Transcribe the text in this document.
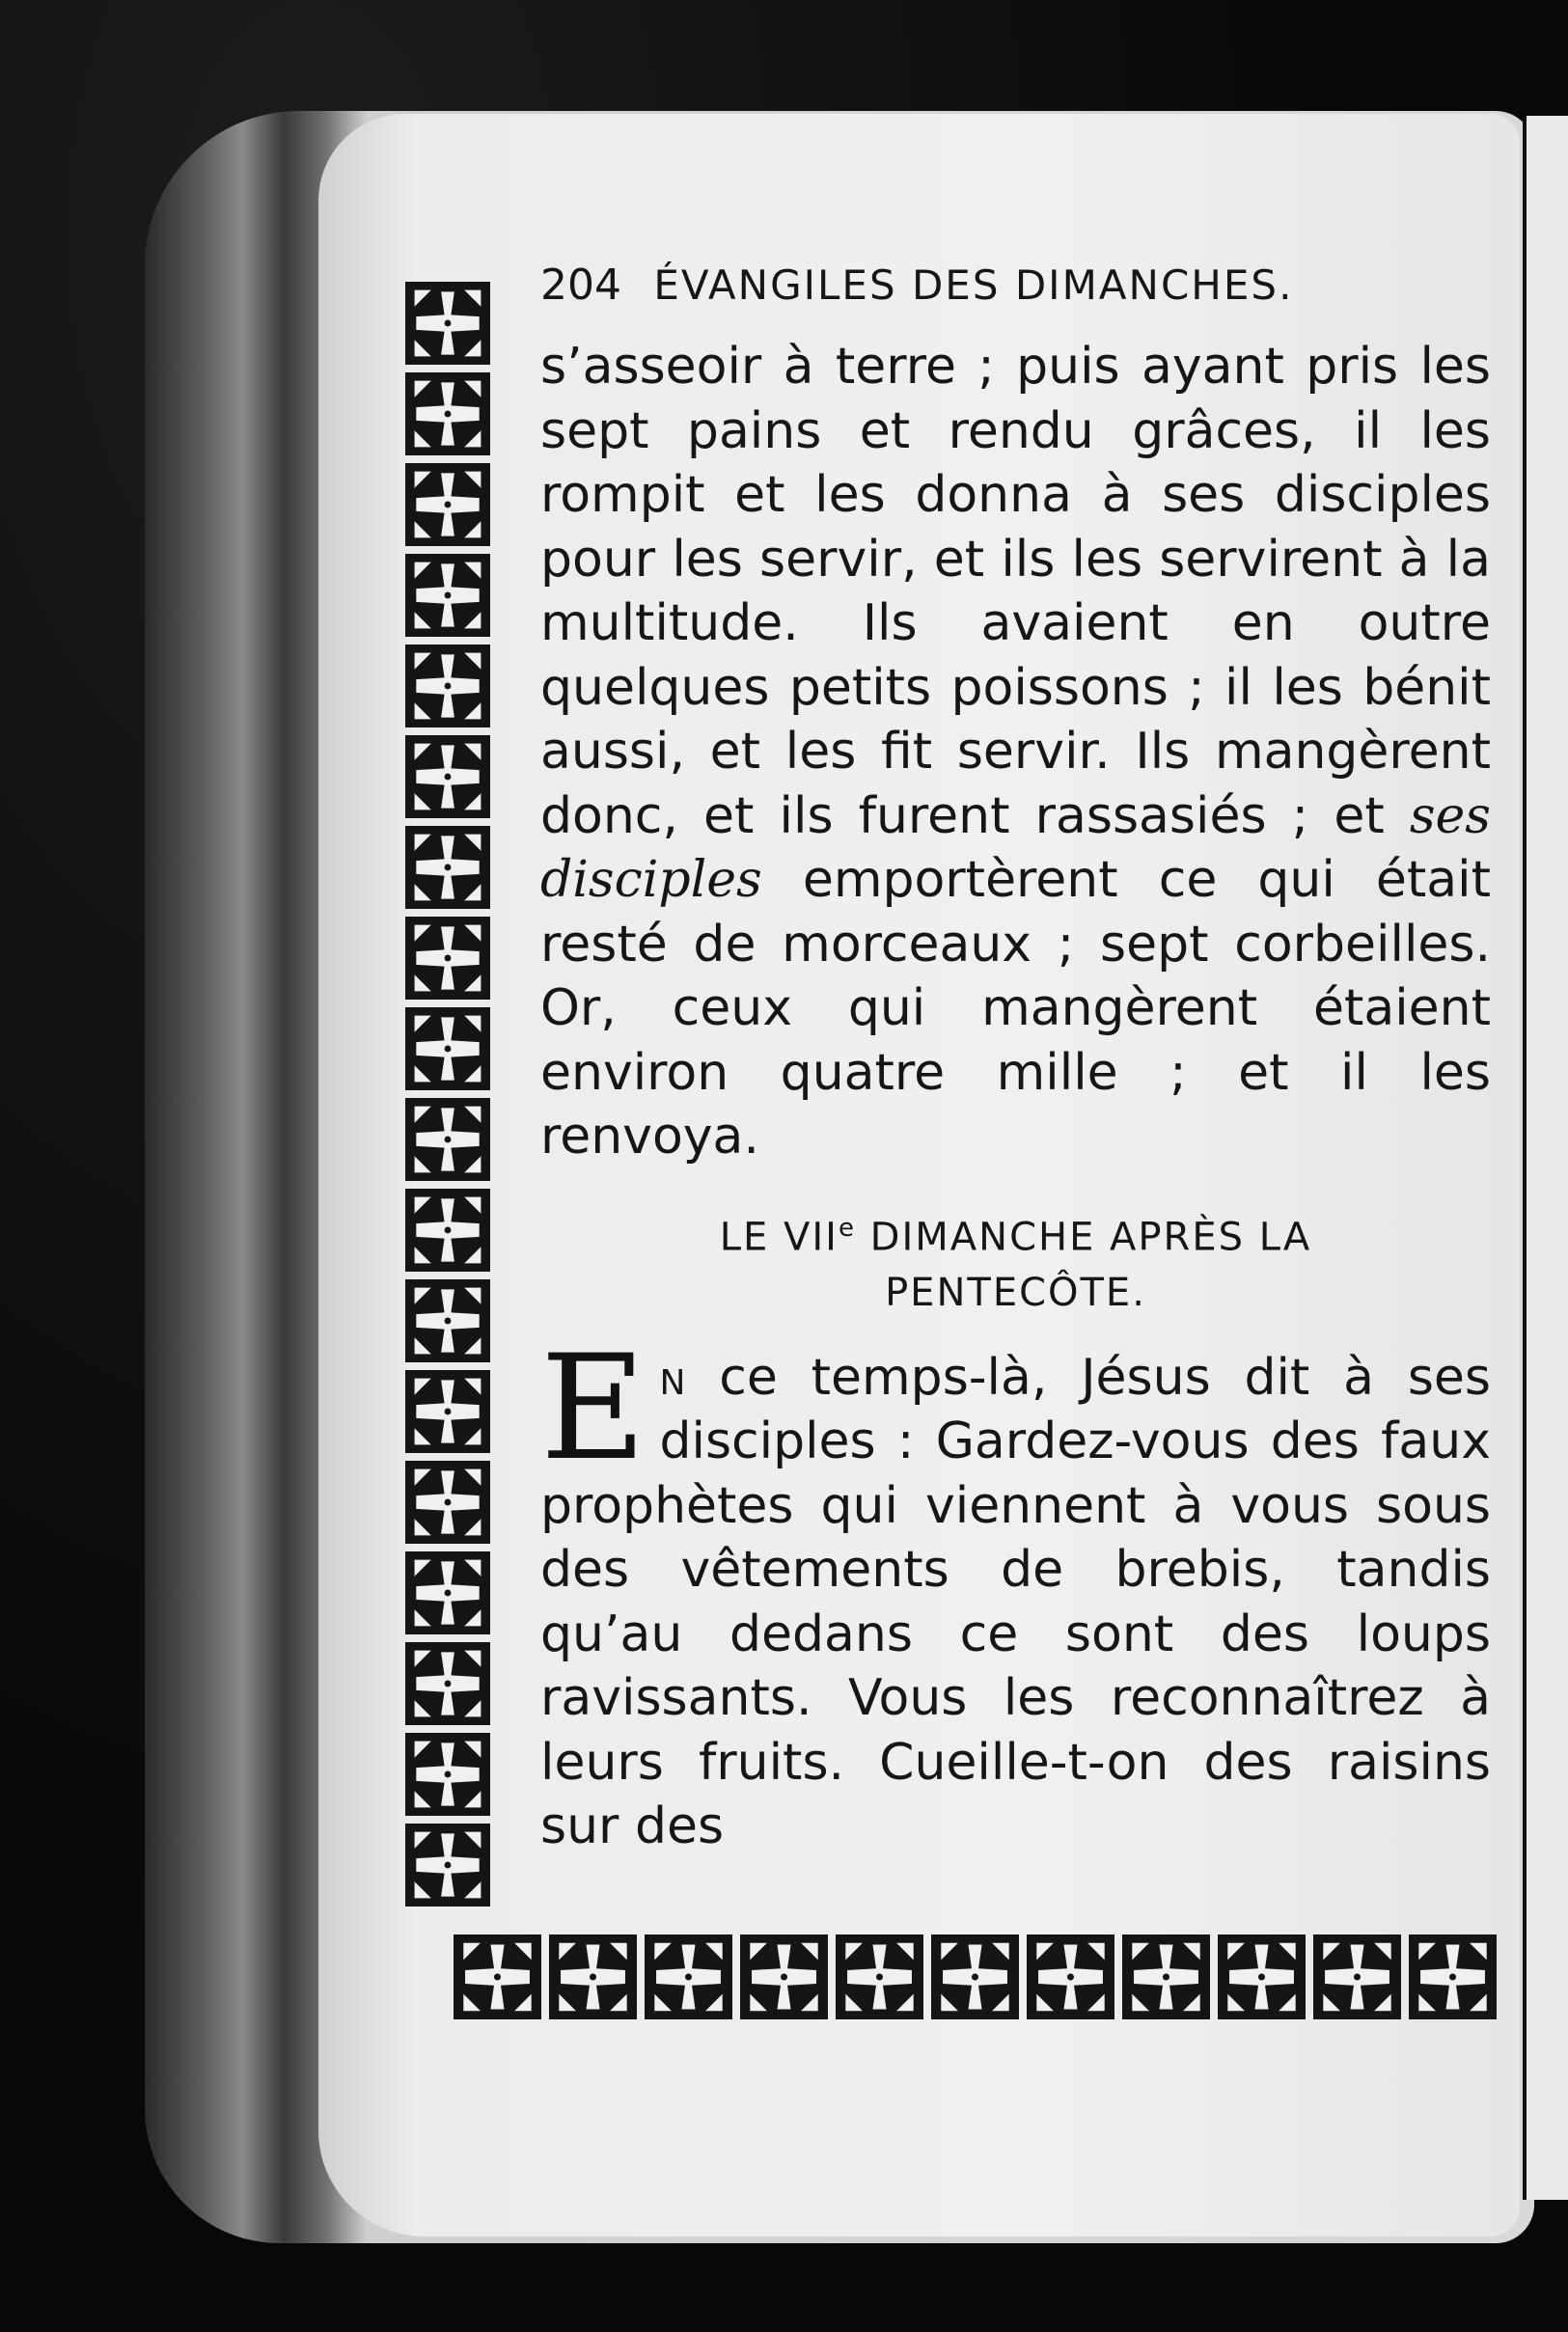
204 ÉVANGILES DES DIMANCHES.

s’asseoir à terre ; puis ayant pris les sept pains et rendu grâces, il les rompit et les donna à ses disciples pour les servir, et ils les servirent à la multitude. Ils avaient en outre quelques petits poissons ; il les bénit aussi, et les fit servir. Ils mangèrent donc, et ils furent rassasiés ; et ses disciples emportèrent ce qui était resté de morceaux ; sept corbeilles. Or, ceux qui mangèrent étaient environ quatre mille ; et il les renvoya.

LE VIIe DIMANCHE APRÈS LA
PENTECÔTE.

En ce temps-là, Jésus dit à ses disciples : Gardez-vous des faux prophètes qui viennent à vous sous des vêtements de brebis, tandis qu’au dedans ce sont des loups ravissants. Vous les reconnaîtrez à leurs fruits. Cueille-t-on des raisins sur des
